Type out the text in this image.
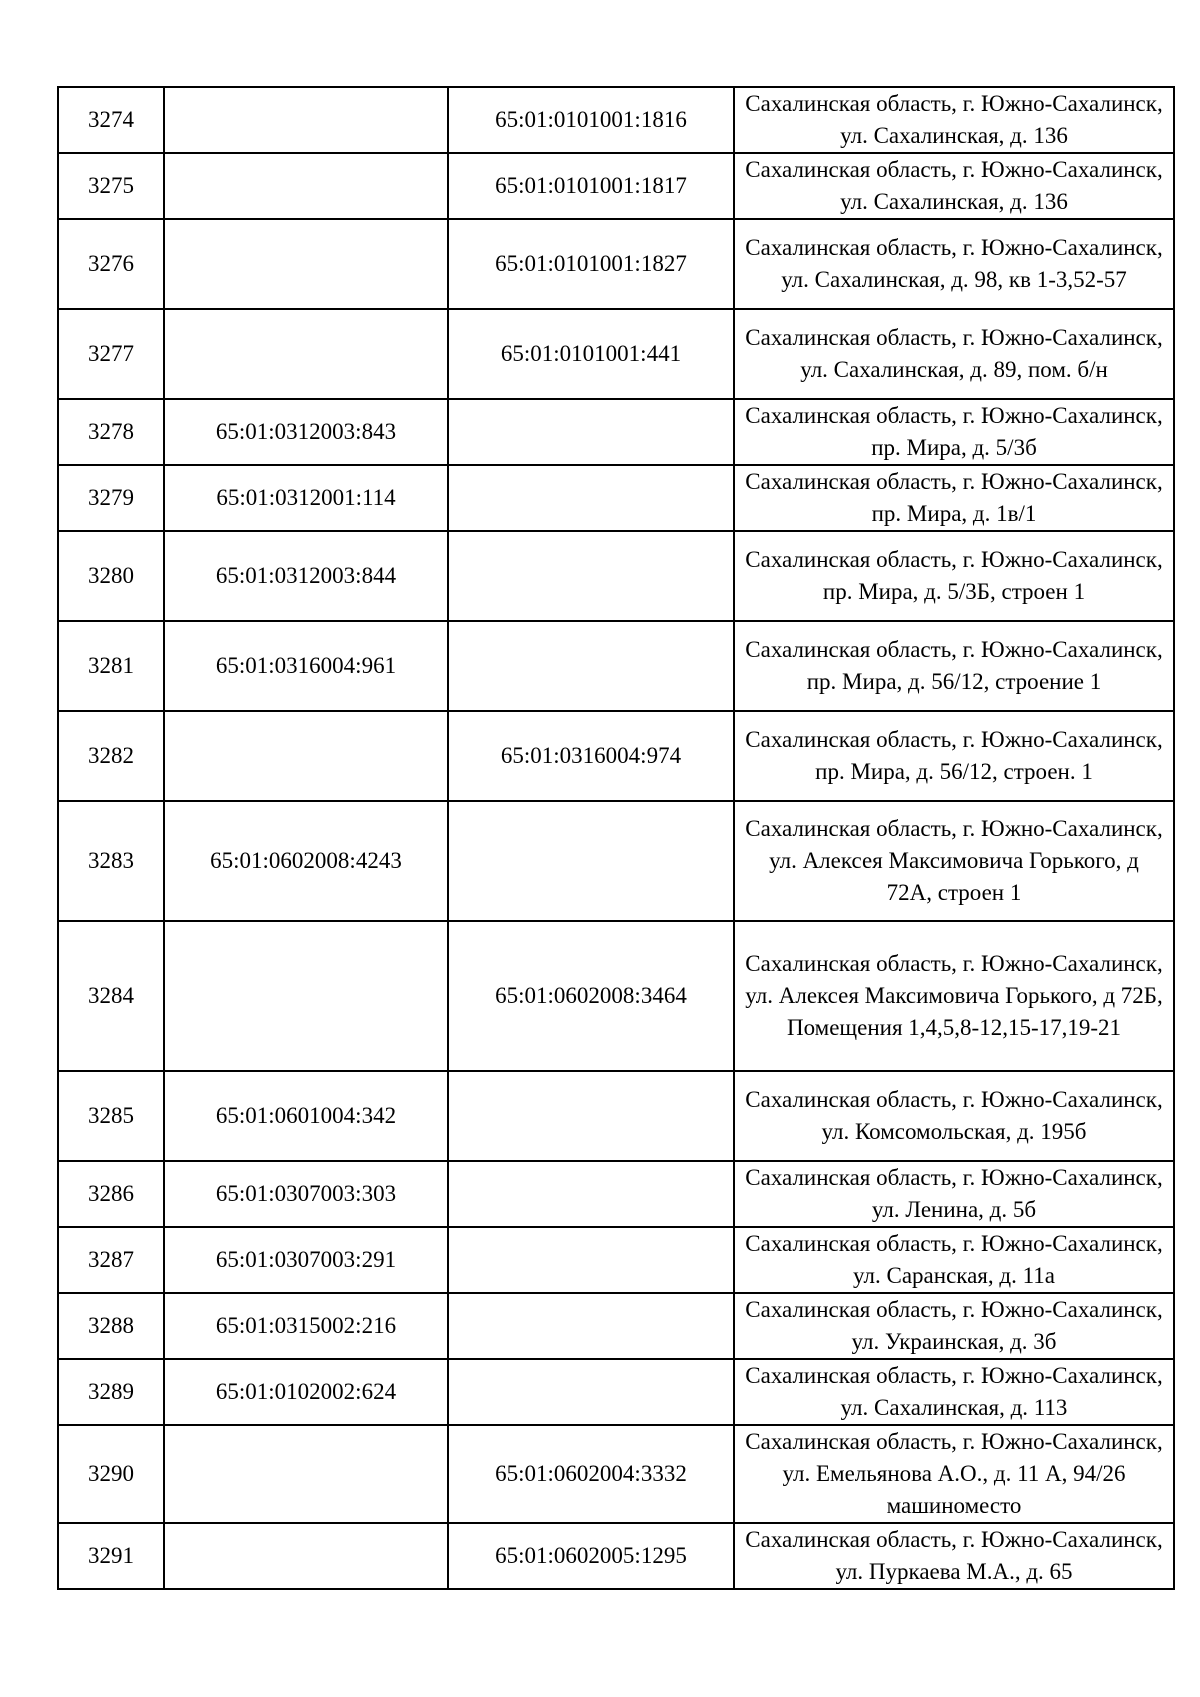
3274		65:01:0101001:1816	Сахалинская область, г. Южно-Сахалинск, ул. Сахалинская, д. 136
3275		65:01:0101001:1817	Сахалинская область, г. Южно-Сахалинск, ул. Сахалинская, д. 136
3276		65:01:0101001:1827	Сахалинская область, г. Южно-Сахалинск, ул. Сахалинская, д. 98, кв 1-3,52-57
3277		65:01:0101001:441	Сахалинская область, г. Южно-Сахалинск, ул. Сахалинская, д. 89, пом. б/н
3278	65:01:0312003:843		Сахалинская область, г. Южно-Сахалинск, пр. Мира, д. 5/3б
3279	65:01:0312001:114		Сахалинская область, г. Южно-Сахалинск, пр. Мира, д. 1в/1
3280	65:01:0312003:844		Сахалинская область, г. Южно-Сахалинск, пр. Мира, д. 5/3Б, строен 1
3281	65:01:0316004:961		Сахалинская область, г. Южно-Сахалинск, пр. Мира, д. 56/12, строение 1
3282		65:01:0316004:974	Сахалинская область, г. Южно-Сахалинск, пр. Мира, д. 56/12, строен. 1
3283	65:01:0602008:4243		Сахалинская область, г. Южно-Сахалинск, ул. Алексея Максимовича Горького, д
72А, строен 1
3284		65:01:0602008:3464	Сахалинская область, г. Южно-Сахалинск, ул. Алексея Максимовича Горького, д 72Б, Помещения 1,4,5,8-12,15-17,19-21
3285	65:01:0601004:342		Сахалинская область, г. Южно-Сахалинск, ул. Комсомольская, д. 195б
3286	65:01:0307003:303		Сахалинская область, г. Южно-Сахалинск, ул. Ленина, д. 5б
3287	65:01:0307003:291		Сахалинская область, г. Южно-Сахалинск, ул. Саранская, д. 11а
3288	65:01:0315002:216		Сахалинская область, г. Южно-Сахалинск, ул. Украинская, д. 3б
3289	65:01:0102002:624		Сахалинская область, г. Южно-Сахалинск, ул. Сахалинская, д. 113
3290		65:01:0602004:3332	Сахалинская область, г. Южно-Сахалинск, ул. Емельянова А.О., д. 11 А, 94/26 машиноместо
3291		65:01:0602005:1295	Сахалинская область, г. Южно-Сахалинск, ул. Пуркаева М.А., д. 65
